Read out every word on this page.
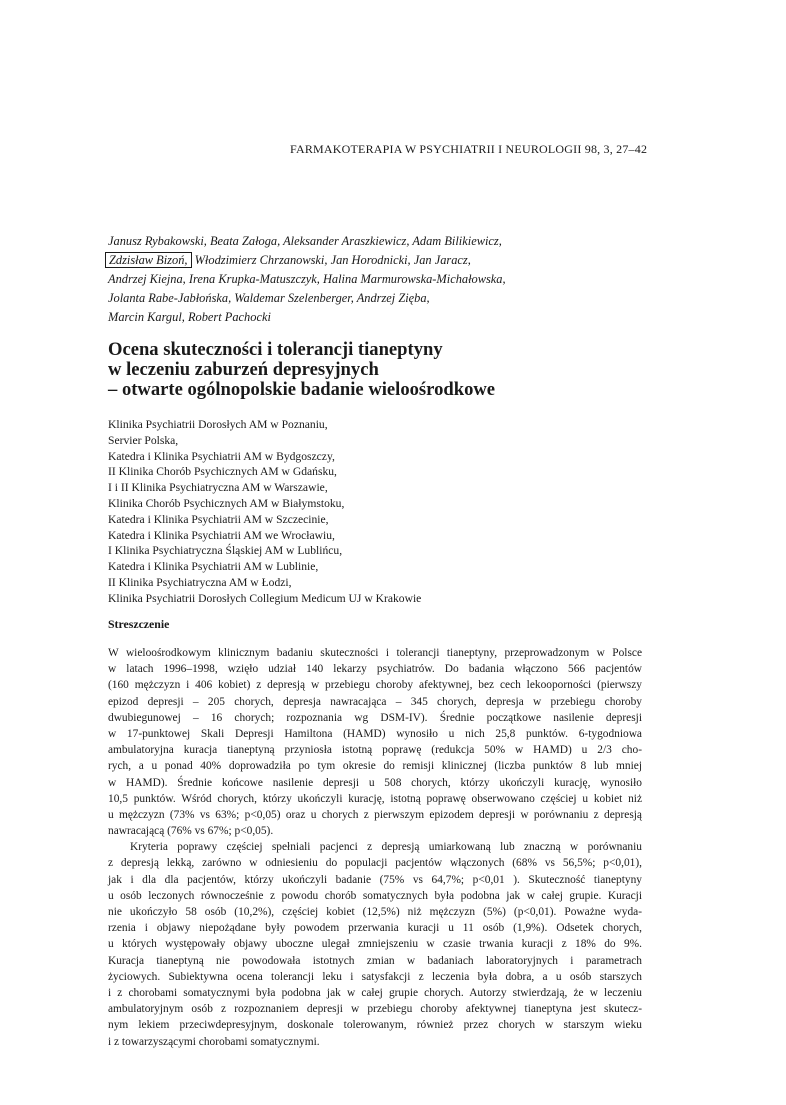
FARMAKOTERAPIA W PSYCHIATRII I NEUROLOGII 98, 3, 27–42
Janusz Rybakowski, Beata Załoga, Aleksander Araszkiewicz, Adam Bilikiewicz,
Zdzisław Bizoń, Włodzimierz Chrzanowski, Jan Horodnicki, Jan Jaracz,
Andrzej Kiejna, Irena Krupka-Matuszczyk, Halina Marmurowska-Michałowska,
Jolanta Rabe-Jabłońska, Waldemar Szelenberger, Andrzej Zięba,
Marcin Kargul, Robert Pachocki
Ocena skuteczności i tolerancji tianeptyny
w leczeniu zaburzeń depresyjnych
– otwarte ogólnopolskie badanie wieloośrodkowe
Klinika Psychiatrii Dorosłych AM w Poznaniu,
Servier Polska,
Katedra i Klinika Psychiatrii AM w Bydgoszczy,
II Klinika Chorób Psychicznych AM w Gdańsku,
I i II Klinika Psychiatryczna AM w Warszawie,
Klinika Chorób Psychicznych AM w Białymstoku,
Katedra i Klinika Psychiatrii AM w Szczecinie,
Katedra i Klinika Psychiatrii AM we Wrocławiu,
I Klinika Psychiatryczna Śląskiej AM w Lublińcu,
Katedra i Klinika Psychiatrii AM w Lublinie,
II Klinika Psychiatryczna AM w Łodzi,
Klinika Psychiatrii Dorosłych Collegium Medicum UJ w Krakowie
Streszczenie
W wieloośrodkowym klinicznym badaniu skuteczności i tolerancji tianeptyny, przeprowadzonym w Polsce
w latach 1996–1998, wzięło udział 140 lekarzy psychiatrów. Do badania włączono 566 pacjentów
(160 mężczyzn i 406 kobiet) z depresją w przebiegu choroby afektywnej, bez cech lekooporności (pierwszy
epizod depresji – 205 chorych, depresja nawracająca – 345 chorych, depresja w przebiegu choroby
dwubiegunowej – 16 chorych; rozpoznania wg DSM-IV). Średnie początkowe nasilenie depresji
w 17-punktowej Skali Depresji Hamiltona (HAMD) wynosiło u nich 25,8 punktów. 6-tygodniowa
ambulatoryjna kuracja tianeptyną przyniosła istotną poprawę (redukcja 50% w HAMD) u 2/3 cho-
rych, a u ponad 40% doprowadziła po tym okresie do remisji klinicznej (liczba punktów 8 lub mniej
w HAMD). Średnie końcowe nasilenie depresji u 508 chorych, którzy ukończyli kurację, wynosiło
10,5 punktów. Wśród chorych, którzy ukończyli kurację, istotną poprawę obserwowano częściej u kobiet niż
u mężczyzn (73% vs 63%; p<0,05) oraz u chorych z pierwszym epizodem depresji w porównaniu z depresją
nawracającą (76% vs 67%; p<0,05).
Kryteria poprawy częściej spełniali pacjenci z depresją umiarkowaną lub znaczną w porównaniu
z depresją lekką, zarówno w odniesieniu do populacji pacjentów włączonych (68% vs 56,5%; p<0,01),
jak i dla dla pacjentów, którzy ukończyli badanie (75% vs 64,7%; p<0,01 ). Skuteczność tianeptyny
u osób leczonych równocześnie z powodu chorób somatycznych była podobna jak w całej grupie. Kuracji
nie ukończyło 58 osób (10,2%), częściej kobiet (12,5%) niż mężczyzn (5%) (p<0,01). Poważne wyda-
rzenia i objawy niepożądane były powodem przerwania kuracji u 11 osób (1,9%). Odsetek chorych,
u których występowały objawy uboczne ulegał zmniejszeniu w czasie trwania kuracji z 18% do 9%.
Kuracja tianeptyną nie powodowała istotnych zmian w badaniach laboratoryjnych i parametrach
życiowych. Subiektywna ocena tolerancji leku i satysfakcji z leczenia była dobra, a u osób starszych
i z chorobami somatycznymi była podobna jak w całej grupie chorych. Autorzy stwierdzają, że w leczeniu
ambulatoryjnym osób z rozpoznaniem depresji w przebiegu choroby afektywnej tianeptyna jest skutecz-
nym lekiem przeciwdepresyjnym, doskonale tolerowanym, również przez chorych w starszym wieku
i z towarzyszącymi chorobami somatycznymi.
